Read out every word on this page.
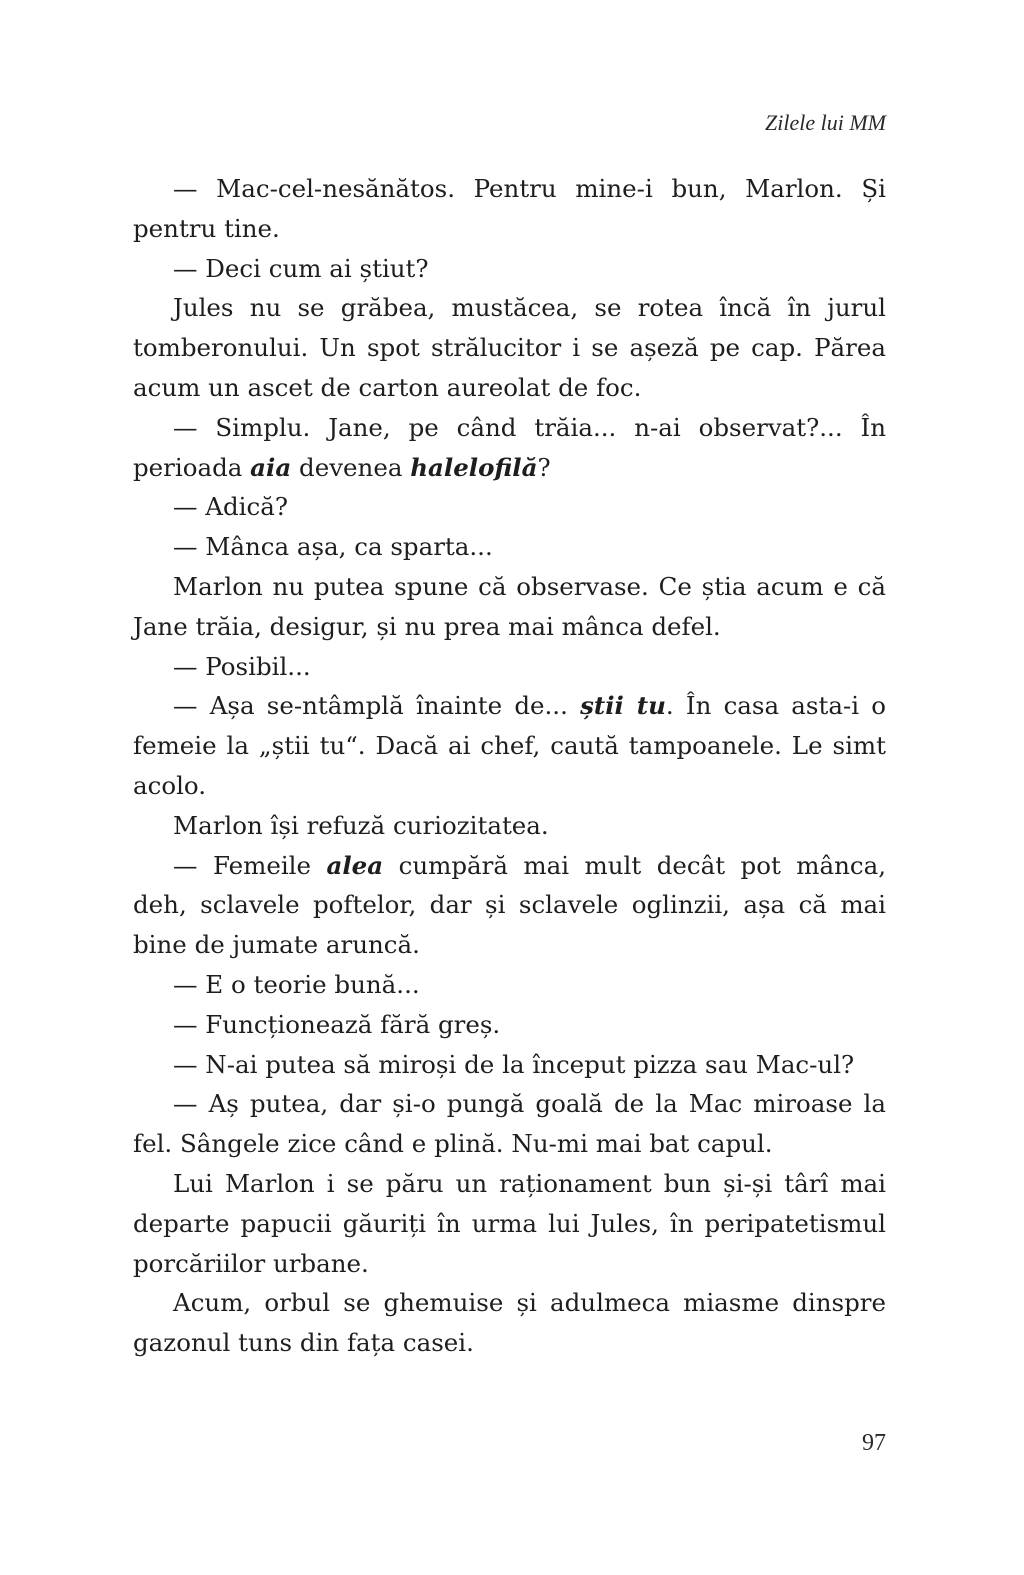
Zilele lui MM

— Mac-cel-nesănătos. Pentru mine-i bun, Marlon. Și pentru tine.

— Deci cum ai știut?

Jules nu se grăbea, mustăcea, se rotea încă în jurul tomberonului. Un spot strălucitor i se așeză pe cap. Părea acum un ascet de carton aureolat de foc.

— Simplu. Jane, pe când trăia... n-ai observat?... În perioada aia devenea halelofilă?

— Adică?

— Mânca așa, ca sparta...

Marlon nu putea spune că observase. Ce știa acum e că Jane trăia, desigur, și nu prea mai mânca defel.

— Posibil...

— Așa se-ntâmplă înainte de... știi tu. În casa asta-i o femeie la „știi tu“. Dacă ai chef, caută tampoanele. Le simt acolo.

Marlon își refuză curiozitatea.

— Femeile alea cumpără mai mult decât pot mânca, deh, sclavele poftelor, dar și sclavele oglinzii, așa că mai bine de jumate aruncă.

— E o teorie bună...

— Funcționează fără greș.

— N-ai putea să miroși de la început pizza sau Mac-ul?

— Aș putea, dar și-o pungă goală de la Mac miroase la fel. Sângele zice când e plină. Nu-mi mai bat capul.

Lui Marlon i se păru un raționament bun și-și târî mai departe papucii găuriți în urma lui Jules, în peripatetismul porcăriilor urbane.

Acum, orbul se ghemuise și adulmeca miasme dinspre gazonul tuns din fața casei.

97
